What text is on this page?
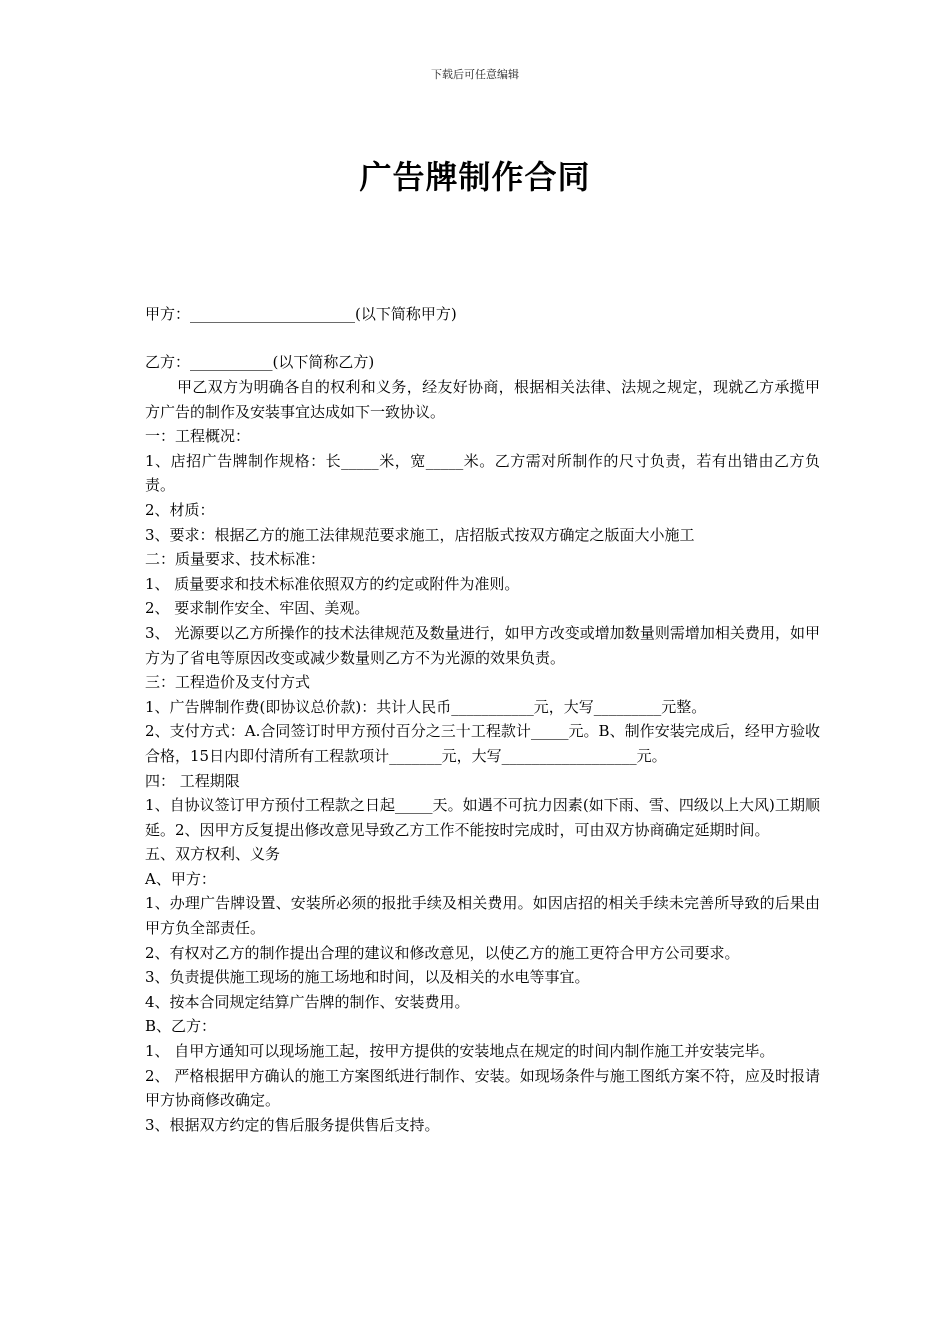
下载后可任意编辑
广告牌制作合同
甲方：______________________(以下简称甲方)
乙方：___________(以下简称乙方)
甲乙双方为明确各自的权利和义务，经友好协商，根据相关法律、法规之规定，现就乙方承揽甲方广告的制作及安装事宜达成如下一致协议。
一：工程概况：
1、店招广告牌制作规格：长_____米，宽_____米。乙方需对所制作的尺寸负责，若有出错由乙方负责。
2、材质：
3、要求：根据乙方的施工法律规范要求施工，店招版式按双方确定之版面大小施工
二：质量要求、技术标准：
1、 质量要求和技术标准依照双方的约定或附件为准则。
2、 要求制作安全、牢固、美观。
3、 光源要以乙方所操作的技术法律规范及数量进行，如甲方改变或增加数量则需增加相关费用，如甲方为了省电等原因改变或减少数量则乙方不为光源的效果负责。
三：工程造价及支付方式
1、广告牌制作费(即协议总价款)：共计人民币___________元，大写_________元整。
2、支付方式：A.合同签订时甲方预付百分之三十工程款计_____元。B、制作安装完成后，经甲方验收合格，15日内即付清所有工程款项计_______元，大写__________________元。
四： 工程期限
1、自协议签订甲方预付工程款之日起_____天。如遇不可抗力因素(如下雨、雪、四级以上大风)工期顺延。2、因甲方反复提出修改意见导致乙方工作不能按时完成时，可由双方协商确定延期时间。
五、双方权利、义务
A、甲方：
1、办理广告牌设置、安装所必须的报批手续及相关费用。如因店招的相关手续未完善所导致的后果由甲方负全部责任。
2、有权对乙方的制作提出合理的建议和修改意见，以使乙方的施工更符合甲方公司要求。
3、负责提供施工现场的施工场地和时间，以及相关的水电等事宜。
4、按本合同规定结算广告牌的制作、安装费用。
B、乙方：
1、 自甲方通知可以现场施工起，按甲方提供的安装地点在规定的时间内制作施工并安装完毕。
2、 严格根据甲方确认的施工方案图纸进行制作、安装。如现场条件与施工图纸方案不符，应及时报请甲方协商修改确定。
3、根据双方约定的售后服务提供售后支持。
